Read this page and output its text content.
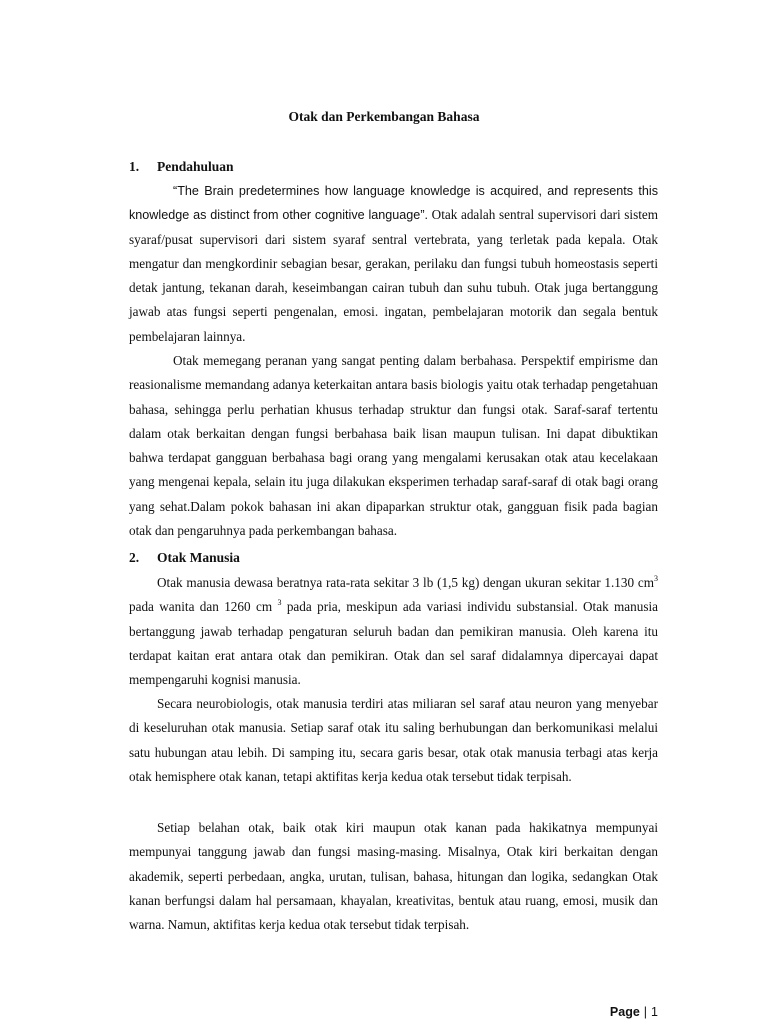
Otak dan Perkembangan Bahasa
1. Pendahuluan

“The Brain predetermines how language knowledge is acquired, and represents this knowledge as distinct from other cognitive language”. Otak adalah sentral supervisori dari sistem syaraf/pusat supervisori dari sistem syaraf sentral vertebrata, yang terletak pada kepala. Otak mengatur dan mengkordinir sebagian besar, gerakan, perilaku dan fungsi tubuh homeostasis seperti detak jantung, tekanan darah, keseimbangan cairan tubuh dan suhu tubuh. Otak juga bertanggung jawab atas fungsi seperti pengenalan, emosi. ingatan, pembelajaran motorik dan segala bentuk pembelajaran lainnya.

Otak memegang peranan yang sangat penting dalam berbahasa. Perspektif empirisme dan reasionalisme memandang adanya keterkaitan antara basis biologis yaitu otak terhadap pengetahuan bahasa, sehingga perlu perhatian khusus terhadap struktur dan fungsi otak. Saraf-saraf tertentu dalam otak berkaitan dengan fungsi berbahasa baik lisan maupun tulisan. Ini dapat dibuktikan bahwa terdapat gangguan berbahasa bagi orang yang mengalami kerusakan otak atau kecelakaan yang mengenai kepala, selain itu juga dilakukan eksperimen terhadap saraf-saraf di otak bagi orang yang sehat.Dalam pokok bahasan ini akan dipaparkan struktur otak, gangguan fisik pada bagian otak dan pengaruhnya pada perkembangan bahasa.

2. Otak Manusia

Otak manusia dewasa beratnya rata-rata sekitar 3 lb (1,5 kg) dengan ukuran sekitar 1.130 $cm^3$ pada wanita dan 1260 cm $^3$ pada pria, meskipun ada variasi individu substansial. Otak manusia bertanggung jawab terhadap pengaturan seluruh badan dan pemikiran manusia. Oleh karena itu terdapat kaitan erat antara otak dan pemikiran. Otak dan sel saraf didalamnya dipercayai dapat mempengaruhi kognisi manusia.

Secara neurobiologis, otak manusia terdiri atas miliaran sel saraf atau neuron yang menyebar di keseluruhan otak manusia. Setiap saraf otak itu saling berhubungan dan berkomunikasi melalui satu hubungan atau lebih. Di samping itu, secara garis besar, otak otak manusia terbagi atas kerja otak hemisphere otak kanan, tetapi aktifitas kerja kedua otak tersebut tidak terpisah.

Setiap belahan otak, baik otak kiri maupun otak kanan pada hakikatnya mempunyai mempunyai tanggung jawab dan fungsi masing-masing. Misalnya, Otak kiri berkaitan dengan akademik, seperti perbedaan, angka, urutan, tulisan, bahasa, hitungan dan logika, sedangkan Otak kanan berfungsi dalam hal persamaan, khayalan, kreativitas, bentuk atau ruang, emosi, musik dan warna. Namun, aktifitas kerja kedua otak tersebut tidak terpisah.

Page | 1
